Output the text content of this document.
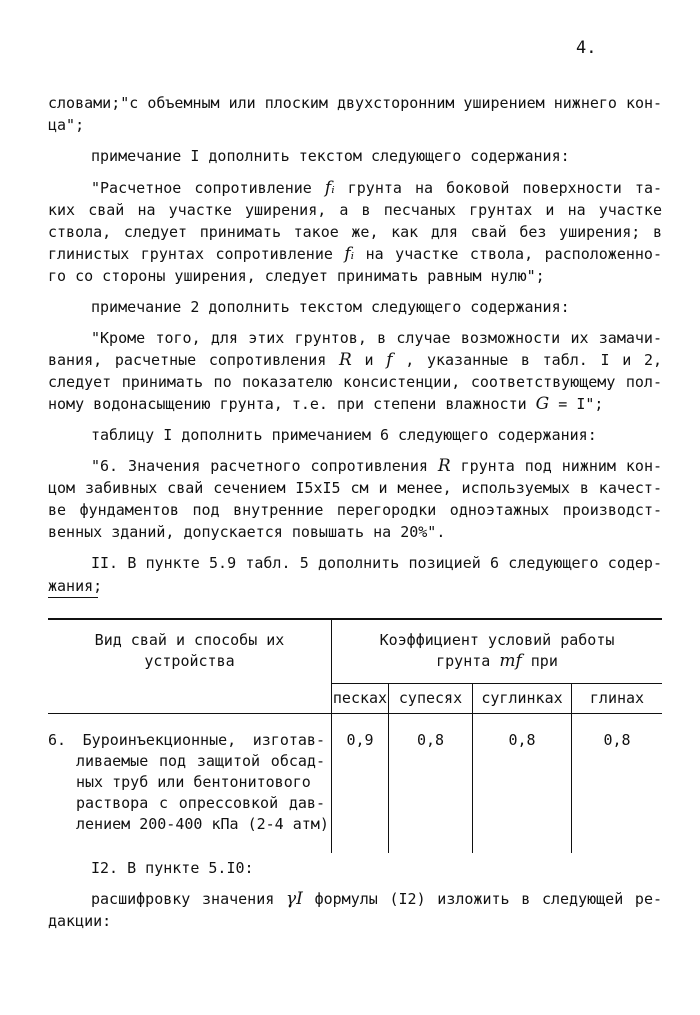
4.
словами;"с объемным или плоским двухсторонним уширением нижнего кон-
ца";
примечание I дополнить текстом следующего содержания:
"Расчетное сопротивление fᵢ грунта на боковой поверхности та-
ких свай на участке уширения, а в песчаных грунтах и на участке
ствола, следует принимать такое же, как для свай без уширения; в
глинистых грунтах сопротивление fᵢ на участке ствола, расположенно-
го со стороны уширения, следует принимать равным нулю";
примечание 2 дополнить текстом следующего содержания:
"Кроме того, для этих грунтов, в случае возможности их замачи-
вания, расчетные сопротивления R и f , указанные в табл. I и 2,
следует принимать по показателю консистенции, соответствующему пол-
ному водонасыщению грунта, т.е. при степени влажности G = I";
таблицу I дополнить примечанием 6 следующего содержания:
"6. Значения расчетного сопротивления R грунта под нижним кон-
цом забивных свай сечением I5xI5 см и менее, используемых в качест-
ве фундаментов под внутренние перегородки одноэтажных производст-
венных зданий, допускается повышать на 20%".
II. В пункте 5.9 табл. 5 дополнить позицией 6 следующего содер-
жания;
Вид свай и способы их
устройства
Коэффициент условий работы
грунта mf при
песках супесях	суглинках	глинах
6. Буроинъекционные, изготав-
ливаемые под защитой обсад-
ных труб или бентонитового
раствора с опрессовкой дав-
лением 200-400 кПа (2-4 атм)
0,9	0,8	0,8	0,8
I2. В пункте 5.I0:
расшифровку значения γI формулы (I2) изложить в следующей ре-
дакции:
